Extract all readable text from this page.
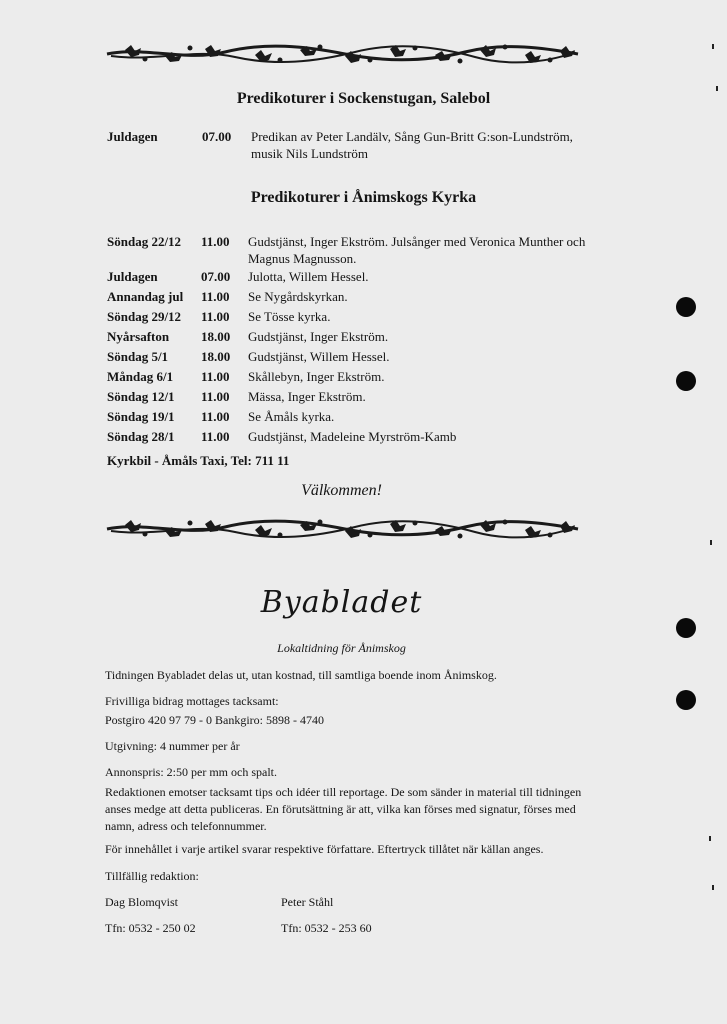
Predikoturer i Sockenstugan, Salebol
Juldagen	07.00	Predikan av Peter Landälv, Sång Gun-Britt G:son-Lundström, musik Nils Lundström
Predikoturer i Ånimskogs Kyrka
Söndag 22/12	11.00	Gudstjänst, Inger Ekström. Julsånger med Veronica Munther och Magnus Magnusson.
Juldagen	07.00	Julotta, Willem Hessel.
Annandag jul	11.00	Se Nygårdskyrkan.
Söndag 29/12	11.00	Se Tösse kyrka.
Nyårsafton	18.00	Gudstjänst, Inger Ekström.
Söndag 5/1	18.00	Gudstjänst, Willem Hessel.
Måndag 6/1	11.00	Skållebyn, Inger Ekström.
Söndag 12/1	11.00	Mässa, Inger Ekström.
Söndag 19/1	11.00	Se Åmåls kyrka.
Söndag 28/1	11.00	Gudstjänst, Madeleine Myrström-Kamb
Kyrkbil - Åmåls Taxi, Tel: 711 11
Välkommen!
Byabladet
Lokaltidning för Ånimskog
Tidningen Byabladet delas ut, utan kostnad, till samtliga boende inom Ånimskog.
Frivilliga bidrag mottages tacksamt:
Postgiro 420 97 79 - 0 Bankgiro: 5898 - 4740
Utgivning: 4 nummer per år
Annonspris: 2:50 per mm och spalt.
Redaktionen emotser tacksamt tips och idéer till reportage. De som sänder in material till tidningen anses medge att detta publiceras. En förutsättning är att, vilka kan förses med signatur, förses med namn, adress och telefonnummer.
För innehållet i varje artikel svarar respektive författare. Eftertryck tillåtet när källan anges.
Tillfällig redaktion:
Dag Blomqvist	Peter Ståhl
Tfn: 0532 - 250 02	Tfn: 0532 - 253 60
